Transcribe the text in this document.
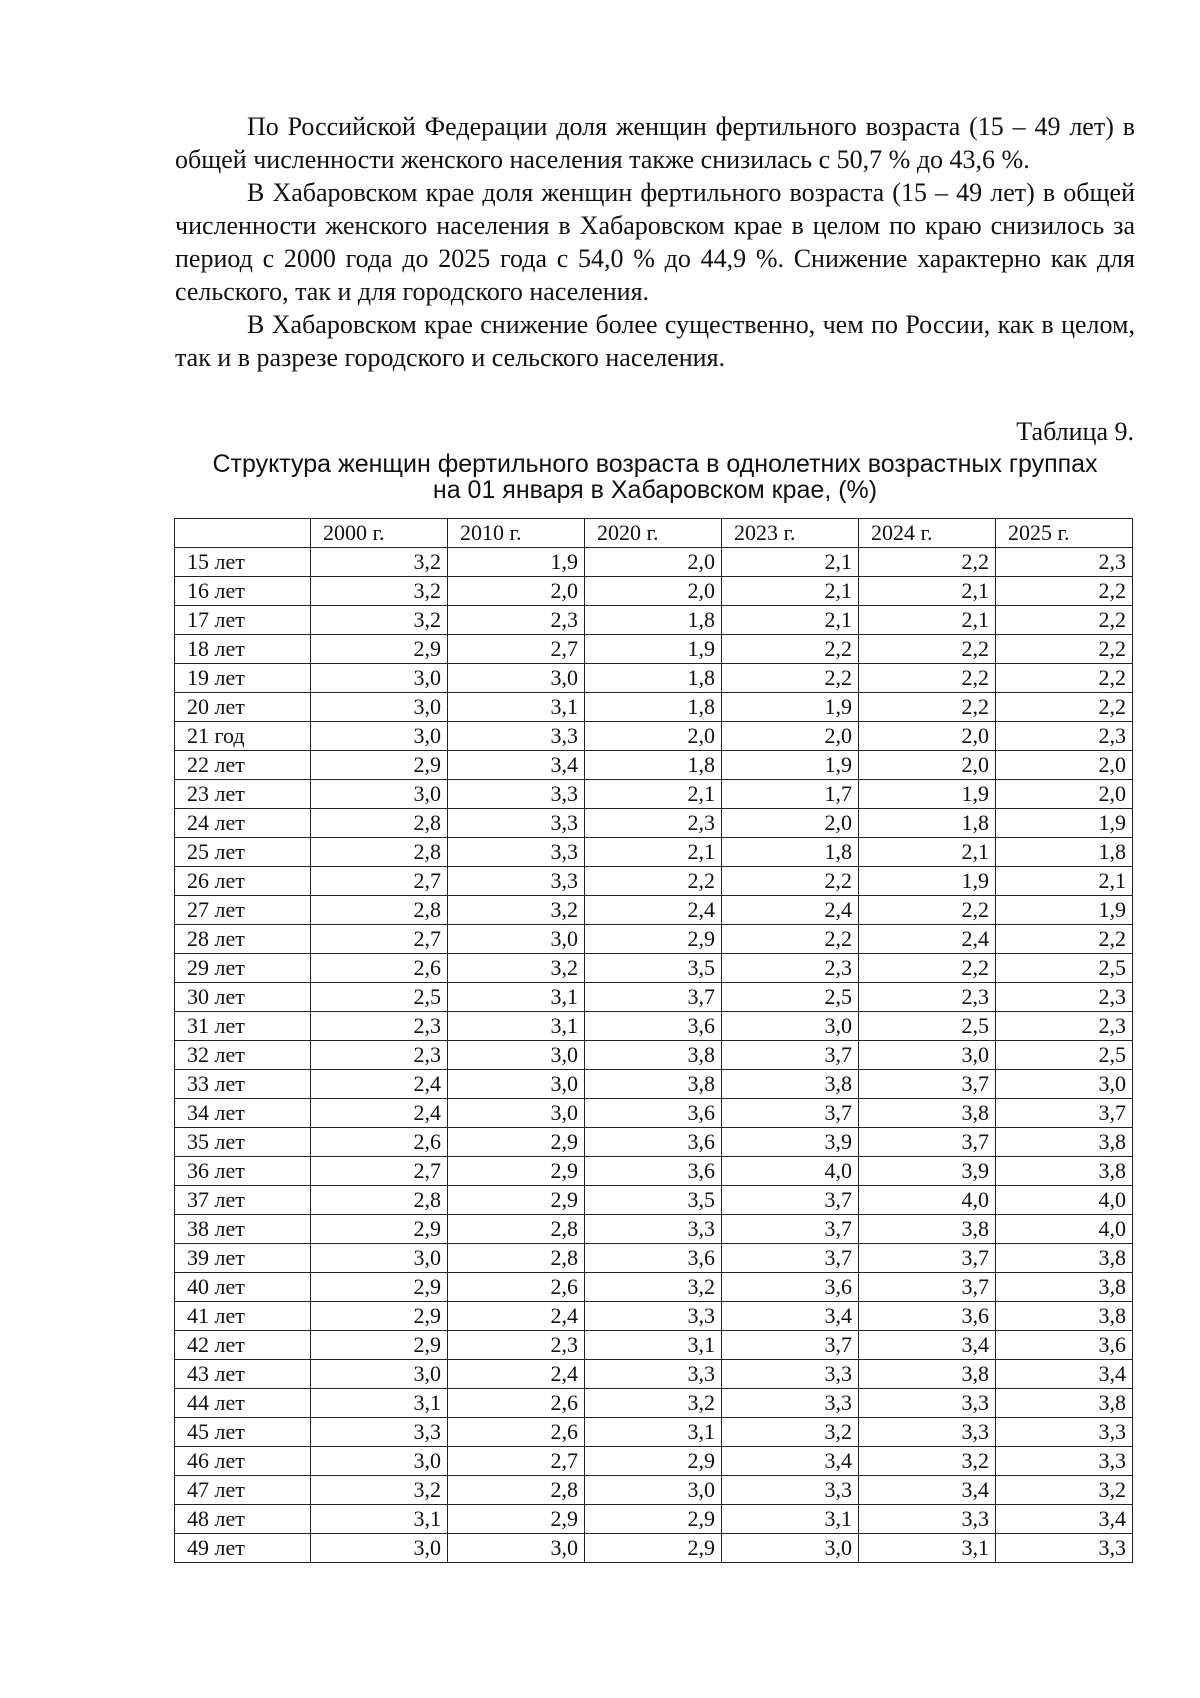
По Российской Федерации доля женщин фертильного возраста (15 – 49 лет) в общей численности женского населения также снизилась с 50,7 % до 43,6 %.

В Хабаровском крае доля женщин фертильного возраста (15 – 49 лет) в общей численности женского населения в Хабаровском крае в целом по краю снизилось за период с 2000 года до 2025 года с 54,0 % до 44,9 %. Снижение характерно как для сельского, так и для городского населения.

В Хабаровском крае снижение более существенно, чем по России, как в целом, так и в разрезе городского и сельского населения.

Таблица 9.
Структура женщин фертильного возраста в однолетних возрастных группах
на 01 января в Хабаровском крае, (%)
	2000 г.	2010 г.	2020 г.	2023 г.	2024 г.	2025 г.
15 лет	3,2	1,9	2,0	2,1	2,2	2,3
16 лет	3,2	2,0	2,0	2,1	2,1	2,2
17 лет	3,2	2,3	1,8	2,1	2,1	2,2
18 лет	2,9	2,7	1,9	2,2	2,2	2,2
19 лет	3,0	3,0	1,8	2,2	2,2	2,2
20 лет	3,0	3,1	1,8	1,9	2,2	2,2
21 год	3,0	3,3	2,0	2,0	2,0	2,3
22 лет	2,9	3,4	1,8	1,9	2,0	2,0
23 лет	3,0	3,3	2,1	1,7	1,9	2,0
24 лет	2,8	3,3	2,3	2,0	1,8	1,9
25 лет	2,8	3,3	2,1	1,8	2,1	1,8
26 лет	2,7	3,3	2,2	2,2	1,9	2,1
27 лет	2,8	3,2	2,4	2,4	2,2	1,9
28 лет	2,7	3,0	2,9	2,2	2,4	2,2
29 лет	2,6	3,2	3,5	2,3	2,2	2,5
30 лет	2,5	3,1	3,7	2,5	2,3	2,3
31 лет	2,3	3,1	3,6	3,0	2,5	2,3
32 лет	2,3	3,0	3,8	3,7	3,0	2,5
33 лет	2,4	3,0	3,8	3,8	3,7	3,0
34 лет	2,4	3,0	3,6	3,7	3,8	3,7
35 лет	2,6	2,9	3,6	3,9	3,7	3,8
36 лет	2,7	2,9	3,6	4,0	3,9	3,8
37 лет	2,8	2,9	3,5	3,7	4,0	4,0
38 лет	2,9	2,8	3,3	3,7	3,8	4,0
39 лет	3,0	2,8	3,6	3,7	3,7	3,8
40 лет	2,9	2,6	3,2	3,6	3,7	3,8
41 лет	2,9	2,4	3,3	3,4	3,6	3,8
42 лет	2,9	2,3	3,1	3,7	3,4	3,6
43 лет	3,0	2,4	3,3	3,3	3,8	3,4
44 лет	3,1	2,6	3,2	3,3	3,3	3,8
45 лет	3,3	2,6	3,1	3,2	3,3	3,3
46 лет	3,0	2,7	2,9	3,4	3,2	3,3
47 лет	3,2	2,8	3,0	3,3	3,4	3,2
48 лет	3,1	2,9	2,9	3,1	3,3	3,4
49 лет	3,0	3,0	2,9	3,0	3,1	3,3
